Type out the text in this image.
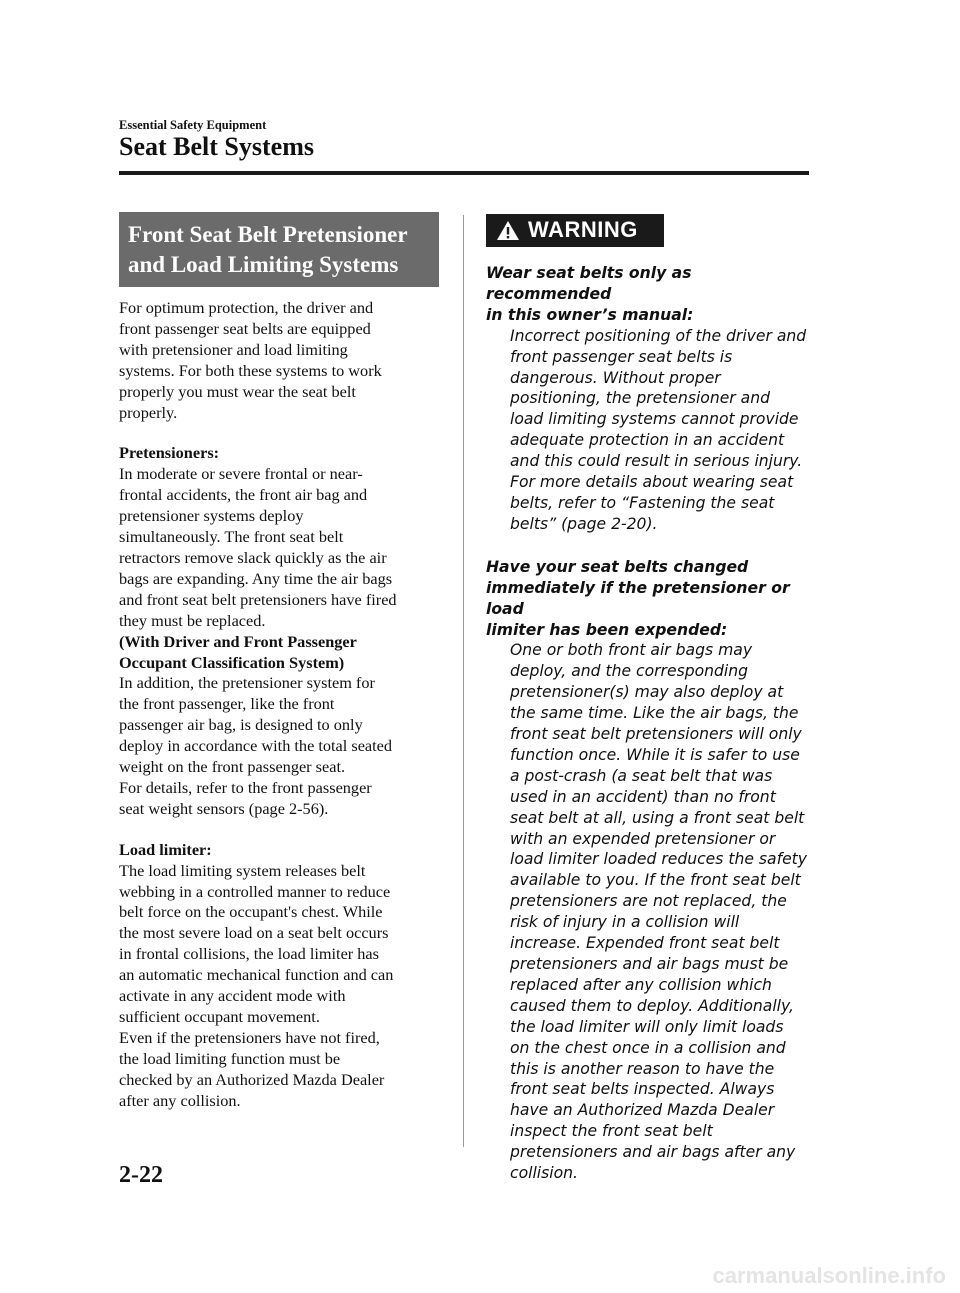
Essential Safety Equipment
Seat Belt Systems
Front Seat Belt Pretensioner
and Load Limiting Systems

For optimum protection, the driver and

front passenger seat belts are equipped

with pretensioner and load limiting

systems. For both these systems to work

properly you must wear the seat belt

properly.

Pretensioners:

In moderate or severe frontal or near-

frontal accidents, the front air bag and

pretensioner systems deploy

simultaneously. The front seat belt

retractors remove slack quickly as the air

bags are expanding. Any time the air bags

and front seat belt pretensioners have fired

they must be replaced.

(With Driver and Front Passenger

Occupant Classification System)

In addition, the pretensioner system for

the front passenger, like the front

passenger air bag, is designed to only

deploy in accordance with the total seated

weight on the front passenger seat.

For details, refer to the front passenger

seat weight sensors (page 2-56).

Load limiter:

The load limiting system releases belt

webbing in a controlled manner to reduce

belt force on the occupant's chest. While

the most severe load on a seat belt occurs

in frontal collisions, the load limiter has

an automatic mechanical function and can

activate in any accident mode with

sufficient occupant movement.

Even if the pretensioners have not fired,

the load limiting function must be

checked by an Authorized Mazda Dealer

after any collision.

WARNING

Wear seat belts only as recommended

in this owner’s manual:

Incorrect positioning of the driver and

front passenger seat belts is

dangerous. Without proper

positioning, the pretensioner and

load limiting systems cannot provide

adequate protection in an accident

and this could result in serious injury.

For more details about wearing seat

belts, refer to “Fastening the seat

belts” (page 2-20).

Have your seat belts changed

immediately if the pretensioner or load

limiter has been expended:

One or both front air bags may

deploy, and the corresponding

pretensioner(s) may also deploy at

the same time. Like the air bags, the

front seat belt pretensioners will only

function once. While it is safer to use

a post-crash (a seat belt that was

used in an accident) than no front

seat belt at all, using a front seat belt

with an expended pretensioner or

load limiter loaded reduces the safety

available to you. If the front seat belt

pretensioners are not replaced, the

risk of injury in a collision will

increase. Expended front seat belt

pretensioners and air bags must be

replaced after any collision which

caused them to deploy. Additionally,

the load limiter will only limit loads

on the chest once in a collision and

this is another reason to have the

front seat belts inspected. Always

have an Authorized Mazda Dealer

inspect the front seat belt

pretensioners and air bags after any

collision.

2-22
carmanualsonline.info
